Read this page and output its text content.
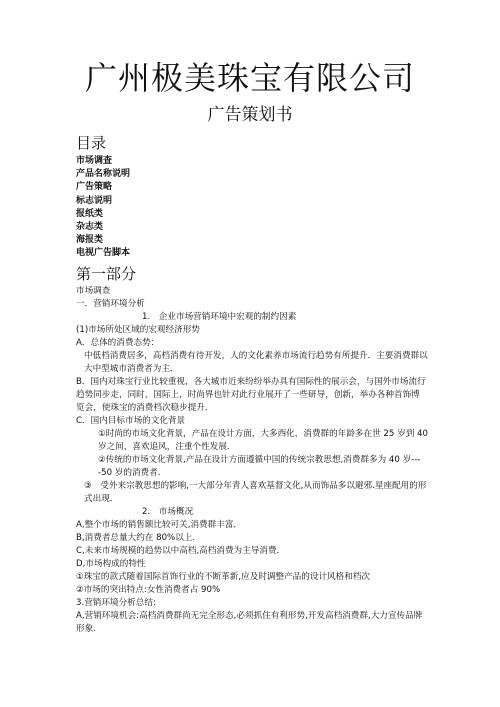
广州极美珠宝有限公司
广告策划书
目录
市场调查
产品名称说明
广告策略
标志说明
报纸类
杂志类
海报类
电视广告脚本
第一部分

市场调查

一．营销环境分析

1.　企业市场营销环境中宏观的制约因素

(1)市场所处区域的宏观经济形势

A．总体的消费态势：

中低档消费居多，高档消费有待开发，人的文化素养市场流行趋势有所提升．主要消费群以大中型城市消费者为主．

B．国内对珠宝行业比较重视，各大城市近来纷纷举办具有国际性的展示会，与国外市场流行趋势同步走，同时，国际上，时尚界也针对此行业展开了一些研导，创新，举办各种首饰博览会，使珠宝的消费档次稳步提升．

C．国内目标市场的文化背景

①时尚的市场文化背景，产品在设计方面，大多西化，消费群的年龄多在世 25 岁到 40 岁之间，喜欢追风，注重个性发展．

②传统的市场文化背景,产品在设计方面遵循中国的传统宗教思想,消费群多为 40 岁----50 岁的消费者．

③　受外来宗教思想的影响,一大部分年青人喜欢基督文化,从而饰品多以避邪.星座配用的形式出现．

2.　市场概况

A,整个市场的销售额比较可关,消费群丰富．

B,消费者总量大约在 80%以上.

C,未来市场规模的趋势以中高档,高档消费为主导消费．

D,市场构成的特性

①珠宝的款式随着国际首饰行业的不断革新,应及时调整产品的设计风格和档次

②市场的突出特点:女性消费者占 90%

3.营销环境分析总结:

A,营销环境机会:高档消费群尚无完全形态,必须抓住有利形势,开发高档消费群,大力宣传品牌形象.
